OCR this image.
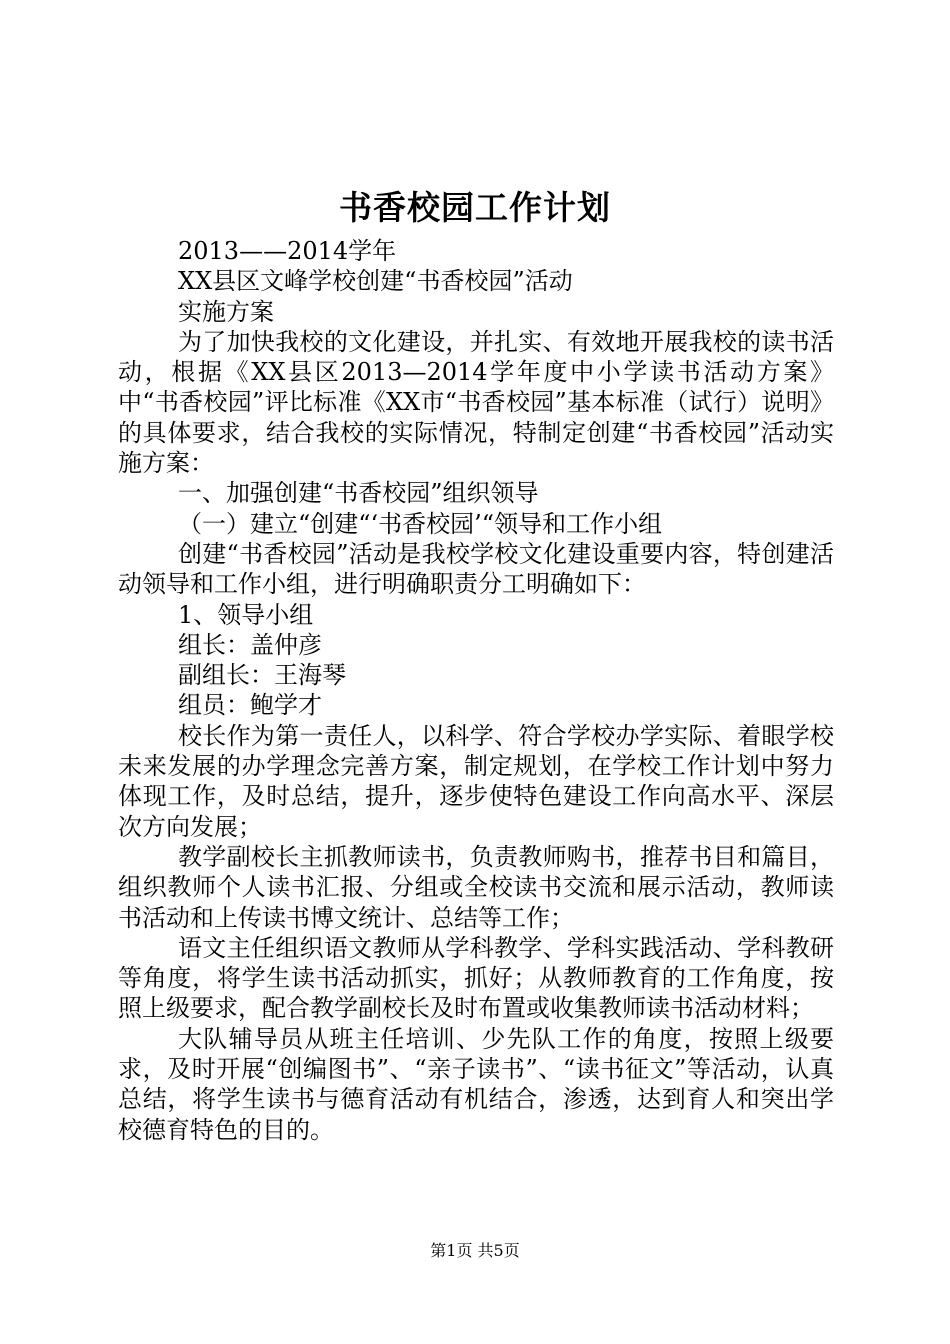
书香校园工作计划

2013——2014学年

XX县区文峰学校创建“书香校园”活动

实施方案

为了加快我校的文化建设，并扎实、有效地开展我校的读书活动，根据《XX县区2013—2014学年度中小学读书活动方案》中“书香校园”评比标准《XX市“书香校园”基本标准（试行）说明》的具体要求，结合我校的实际情况，特制定创建“书香校园”活动实施方案：

一、加强创建“书香校园”组织领导

（一）建立“创建“‘书香校园’“领导和工作小组

创建“书香校园”活动是我校学校文化建设重要内容，特创建活动领导和工作小组，进行明确职责分工明确如下：

1、领导小组

组长：盖仲彦

副组长：王海琴

组员：鲍学才

校长作为第一责任人，以科学、符合学校办学实际、着眼学校未来发展的办学理念完善方案，制定规划，在学校工作计划中努力体现工作，及时总结，提升，逐步使特色建设工作向高水平、深层次方向发展；

教学副校长主抓教师读书，负责教师购书，推荐书目和篇目，组织教师个人读书汇报、分组或全校读书交流和展示活动，教师读书活动和上传读书博文统计、总结等工作；

语文主任组织语文教师从学科教学、学科实践活动、学科教研等角度，将学生读书活动抓实，抓好；从教师教育的工作角度，按照上级要求，配合教学副校长及时布置或收集教师读书活动材料；

大队辅导员从班主任培训、少先队工作的角度，按照上级要求，及时开展“创编图书”、“亲子读书”、“读书征文”等活动，认真总结，将学生读书与德育活动有机结合，渗透，达到育人和突出学校德育特色的目的。

第1页 共5页
